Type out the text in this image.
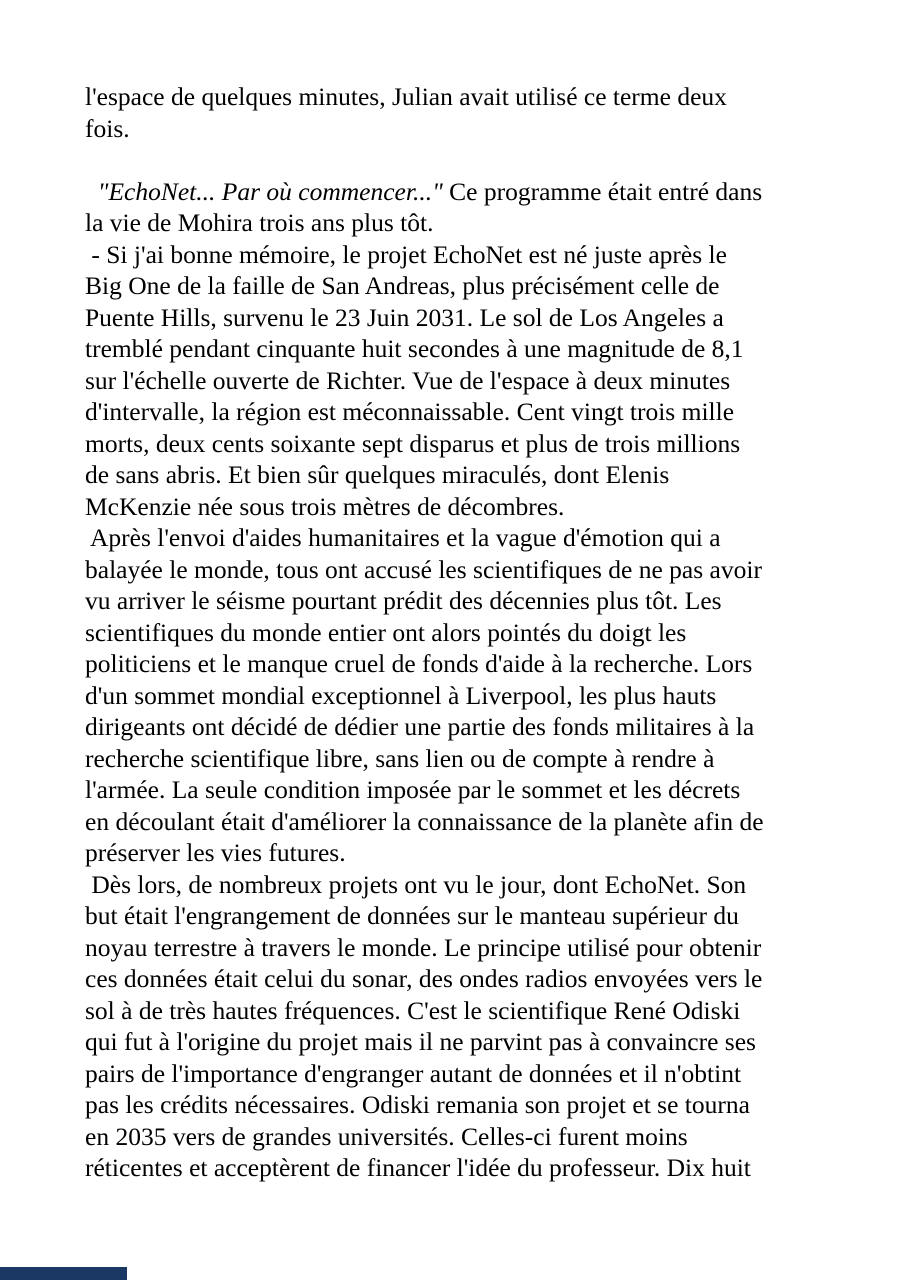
l'espace de quelques minutes, Julian avait utilisé ce terme deux
fois.
"EchoNet... Par où commencer..." Ce programme était entré dans
la vie de Mohira trois ans plus tôt.
- Si j'ai bonne mémoire, le projet EchoNet est né juste après le
Big One de la faille de San Andreas, plus précisément celle de
Puente Hills, survenu le 23 Juin 2031. Le sol de Los Angeles a
tremblé pendant cinquante huit secondes à une magnitude de 8,1
sur l'échelle ouverte de Richter. Vue de l'espace à deux minutes
d'intervalle, la région est méconnaissable. Cent vingt trois mille
morts, deux cents soixante sept disparus et plus de trois millions
de sans abris. Et bien sûr quelques miraculés, dont Elenis
McKenzie née sous trois mètres de décombres.
Après l'envoi d'aides humanitaires et la vague d'émotion qui a
balayée le monde, tous ont accusé les scientifiques de ne pas avoir
vu arriver le séisme pourtant prédit des décennies plus tôt. Les
scientifiques du monde entier ont alors pointés du doigt les
politiciens et le manque cruel de fonds d'aide à la recherche. Lors
d'un sommet mondial exceptionnel à Liverpool, les plus hauts
dirigeants ont décidé de dédier une partie des fonds militaires à la
recherche scientifique libre, sans lien ou de compte à rendre à
l'armée. La seule condition imposée par le sommet et les décrets
en découlant était d'améliorer la connaissance de la planète afin de
préserver les vies futures.
Dès lors, de nombreux projets ont vu le jour, dont EchoNet. Son
but était l'engrangement de données sur le manteau supérieur du
noyau terrestre à travers le monde. Le principe utilisé pour obtenir
ces données était celui du sonar, des ondes radios envoyées vers le
sol à de très hautes fréquences. C'est le scientifique René Odiski
qui fut à l'origine du projet mais il ne parvint pas à convaincre ses
pairs de l'importance d'engranger autant de données et il n'obtint
pas les crédits nécessaires. Odiski remania son projet et se tourna
en 2035 vers de grandes universités. Celles-ci furent moins
réticentes et acceptèrent de financer l'idée du professeur. Dix huit
